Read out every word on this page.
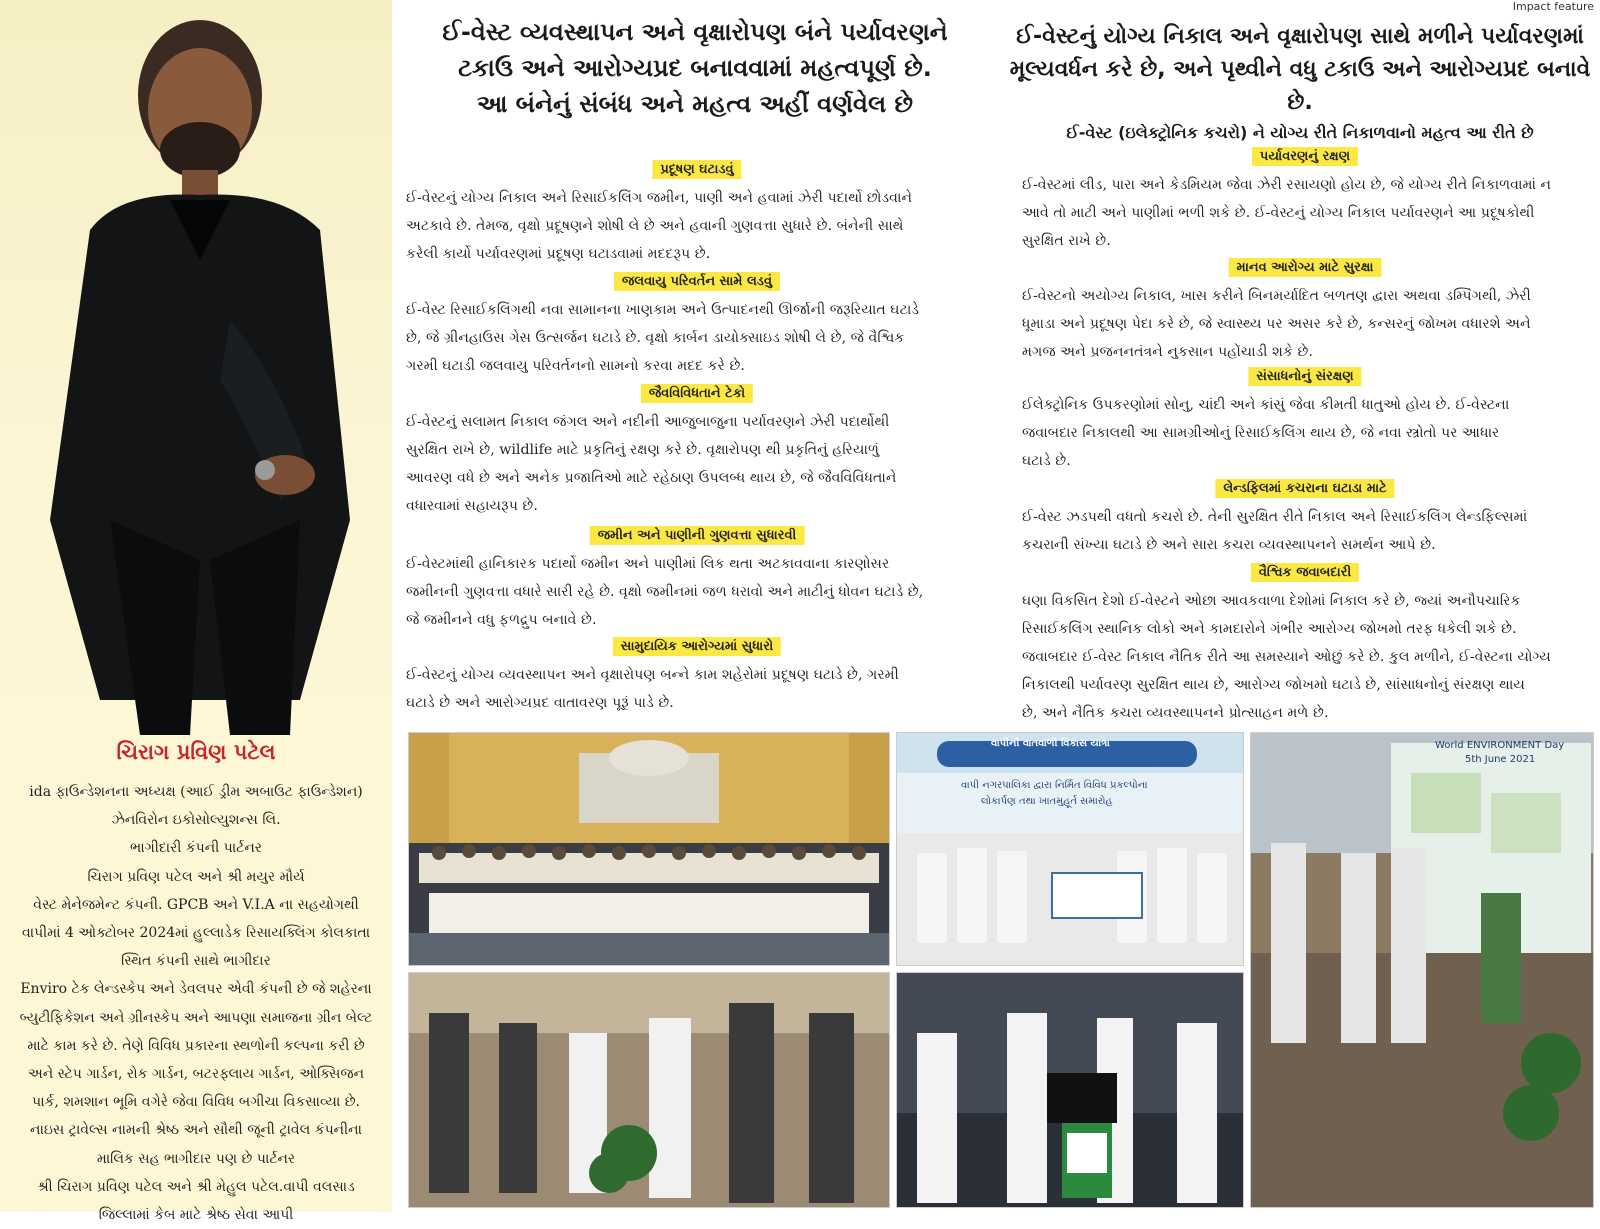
ચિરાગ પ્રવિણ પટેલ
ida ફાઉન્ડેશનના અધ્યક્ષ (આઈ ડ્રીમ અબાઉટ ફાઉન્ડેશન)
ઝેનવિરોન ઇકોસોલ્યુશન્સ લિ.
ભાગીદારી કંપની પાર્ટનર
ચિરાગ પ્રવિણ પટેલ અને શ્રી મયુર મૌર્ય
વેસ્ટ મેનેજમેન્ટ કંપની. GPCB અને V.I.A ના સહયોગથી
વાપીમાં 4 ઓક્ટોબર 2024માં હુલ્લાડેક રિસાયક્લિંગ કોલકાતા
સ્થિત કંપની સાથે ભાગીદાર
Enviro ટેક લેન્ડસ્કેપ અને ડેવલપર એવી કંપની છે જે શહેરના
બ્યુટીફિકેશન અને ગ્રીનસ્કેપ અને આપણા સમાજના ગ્રીન બેલ્ટ
માટે કામ કરે છે. તેણે વિવિધ પ્રકારના સ્થળોની કલ્પના કરી છે
અને સ્ટેપ ગાર્ડન, રોક ગાર્ડન, બટરફ્લાય ગાર્ડન, ઓક્સિજન
પાર્ક, શમશાન ભૂમિ વગેરે જેવા વિવિધ બગીચા વિકસાવ્યા છે.
નાઇસ ટ્રાવેલ્સ નામની શ્રેષ્ઠ અને સૌથી જૂની ટ્રાવેલ કંપનીના
માલિક સહ ભાગીદાર પણ છે પાર્ટનર
શ્રી ચિરાગ પ્રવિણ પટેલ અને શ્રી મેહુલ પટેલ.વાપી વલસાડ
જિલ્લામાં કેબ માટે શ્રેષ્ઠ સેવા આપી
Impact feature
ઈ-વેસ્ટ વ્યવસ્થાપન અને વૃક્ષારોપણ બંને પર્યાવરણને
ટકાઉ અને આરોગ્યપ્રદ બનાવવામાં મહત્વપૂર્ણ છે.
આ બંનેનું સંબંધ અને મહત્વ અહીં વર્ણવેલ છે
ઈ-વેસ્ટનું યોગ્ય નિકાલ અને વૃક્ષારોપણ સાથે મળીને પર્યાવરણમાં
મૂલ્યવર્ધન કરે છે, અને પૃથ્વીને વધુ ટકાઉ અને આરોગ્યપ્રદ બનાવે છે.
ઈ-વેસ્ટ (ઇલેક્ટ્રોનિક કચરો) ને યોગ્ય રીતે નિકાળવાનો મહત્વ આ રીતે છે
પ્રદૂષણ ઘટાડવું
ઈ-વેસ્ટનું યોગ્ય નિકાલ અને રિસાઈકલિંગ જમીન, પાણી અને હવામાં ઝેરી પદાર્થો છોડવાને
અટકાવે છે. તેમજ, વૃક્ષો પ્રદૂષણને શોષી લે છે અને હવાની ગુણવત્તા સુધારે છે. બંનેની સાથે
કરેલી કાર્યો પર્યાવરણમાં પ્રદૂષણ ઘટાડવામાં મદદરૂપ છે.
જલવાયુ પરિવર્તન સામે લડવું
ઈ-વેસ્ટ રિસાઈકલિંગથી નવા સામાનના ખાણકામ અને ઉત્પાદનથી ઊર્જાની જરૂરિયાત ઘટાડે
છે, જે ગ્રીનહાઉસ ગેસ ઉત્સર્જન ઘટાડે છે. વૃક્ષો કાર્બન ડાયોક્સાઇડ શોષી લે છે, જે વૈશ્વિક
ગરમી ઘટાડી જલવાયુ પરિવર્તનનો સામનો કરવા મદદ કરે છે.
જૈવવિવિધતાને ટેકો
ઈ-વેસ્ટનું સલામત નિકાલ જંગલ અને નદીની આજુબાજુના પર્યાવરણને ઝેરી પદાર્થોથી
સુરક્ષિત રાખે છે, wildlife માટે પ્રકૃતિનું રક્ષણ કરે છે. વૃક્ષારોપણ થી પ્રકૃતિનું હરિયાળું
આવરણ વધે છે અને અનેક પ્રજાતિઓ માટે રહેઠાણ ઉપલબ્ધ થાય છે, જે જૈવવિવિધતાને
વધારવામાં સહાયરૂપ છે.
જમીન અને પાણીની ગુણવત્તા સુધારવી
ઈ-વેસ્ટમાંથી હાનિકારક પદાર્થો જમીન અને પાણીમાં લિક થતા અટકાવવાના કારણોસર
જમીનની ગુણવત્તા વધારે સારી રહે છે. વૃક્ષો જમીનમાં જળ ધરાવો અને માટીનું ધોવન ઘટાડે છે,
જે જમીનને વધુ ફળદ્રુપ બનાવે છે.
સામુદાયિક આરોગ્યમાં સુધારો
ઈ-વેસ્ટનું યોગ્ય વ્યવસ્થાપન અને વૃક્ષારોપણ બન્ને કામ શહેરોમાં પ્રદૂષણ ઘટાડે છે, ગરમી
ઘટાડે છે અને આરોગ્યપ્રદ વાતાવરણ પૂરૂં પાડે છે.
પર્યાવરણનું રક્ષણ
ઈ-વેસ્ટમાં લીડ, પારા અને કેડમિયમ જેવા ઝેરી રસાયણો હોય છે, જે યોગ્ય રીતે નિકાળવામાં ન
આવે તો માટી અને પાણીમાં ભળી શકે છે. ઈ-વેસ્ટનું યોગ્ય નિકાલ પર્યાવરણને આ પ્રદૂષકોથી
સુરક્ષિત રાખે છે.
માનવ આરોગ્ય માટે સુરક્ષા
ઈ-વેસ્ટનો અયોગ્ય નિકાલ, ખાસ કરીને બિનમર્યાદિત બળતણ દ્વારા અથવા ડમ્પિંગથી, ઝેરી
ધૂમાડા અને પ્રદૂષણ પેદા કરે છે, જે સ્વાસ્થ્ય પર અસર કરે છે, કન્સરનું જોખમ વધારશે અને
મગજ અને પ્રજનનતંત્રને નુકસાન પહોંચાડી શકે છે.
સંસાધનોનું સંરક્ષણ
ઈલેક્ટ્રોનિક ઉપકરણોમાં સોનુ, ચાંદી અને કાંસું જેવા કીમતી ધાતુઓ હોય છે. ઈ-વેસ્ટના
જવાબદાર નિકાલથી આ સામગ્રીઓનું રિસાઈકલિંગ થાય છે, જે નવા સ્ત્રોતો પર આધાર
ઘટાડે છે.
લેન્ડફિલમાં કચરાના ઘટાડા માટે
ઈ-વેસ્ટ ઝડપથી વધતો કચરો છે. તેની સુરક્ષિત રીતે નિકાલ અને રિસાઈકલિંગ લેન્ડફિલ્સમાં
કચરાની સંખ્યા ઘટાડે છે અને સારા કચરા વ્યવસ્થાપનને સમર્થન આપે છે.
વૈશ્વિક જવાબદારી
ઘણા વિકસિત દેશો ઈ-વેસ્ટને ઓછા આવકવાળા દેશોમાં નિકાલ કરે છે, જ્યાં અનૌપચારિક
રિસાઈકલિંગ સ્થાનિક લોકો અને કામદારોને ગંભીર આરોગ્ય જોખમો તરફ ધકેલી શકે છે.
જવાબદાર ઈ-વેસ્ટ નિકાલ નૈતિક રીતે આ સમસ્યાને ઓછું કરે છે. કુલ મળીને, ઈ-વેસ્ટના યોગ્ય
નિકાલથી પર્યાવરણ સુરક્ષિત થાય છે, આરોગ્ય જોખમો ઘટાડે છે, સાંસાધનોનું સંરક્ષણ થાય
છે, અને નૈતિક કચરા વ્યવસ્થાપનને પ્રોત્સાહન મળે છે.
વાપીની વાતવાળી વિકાસ યાત્રા
વાપી નગરપાલિકા દ્વારા નિર્મિત વિવિધ પ્રકલ્પોના
લોકાર્પણ તથા ખાતમુહૂર્ત સમારોહ
World ENVIRONMENT Day
5th June 2021
